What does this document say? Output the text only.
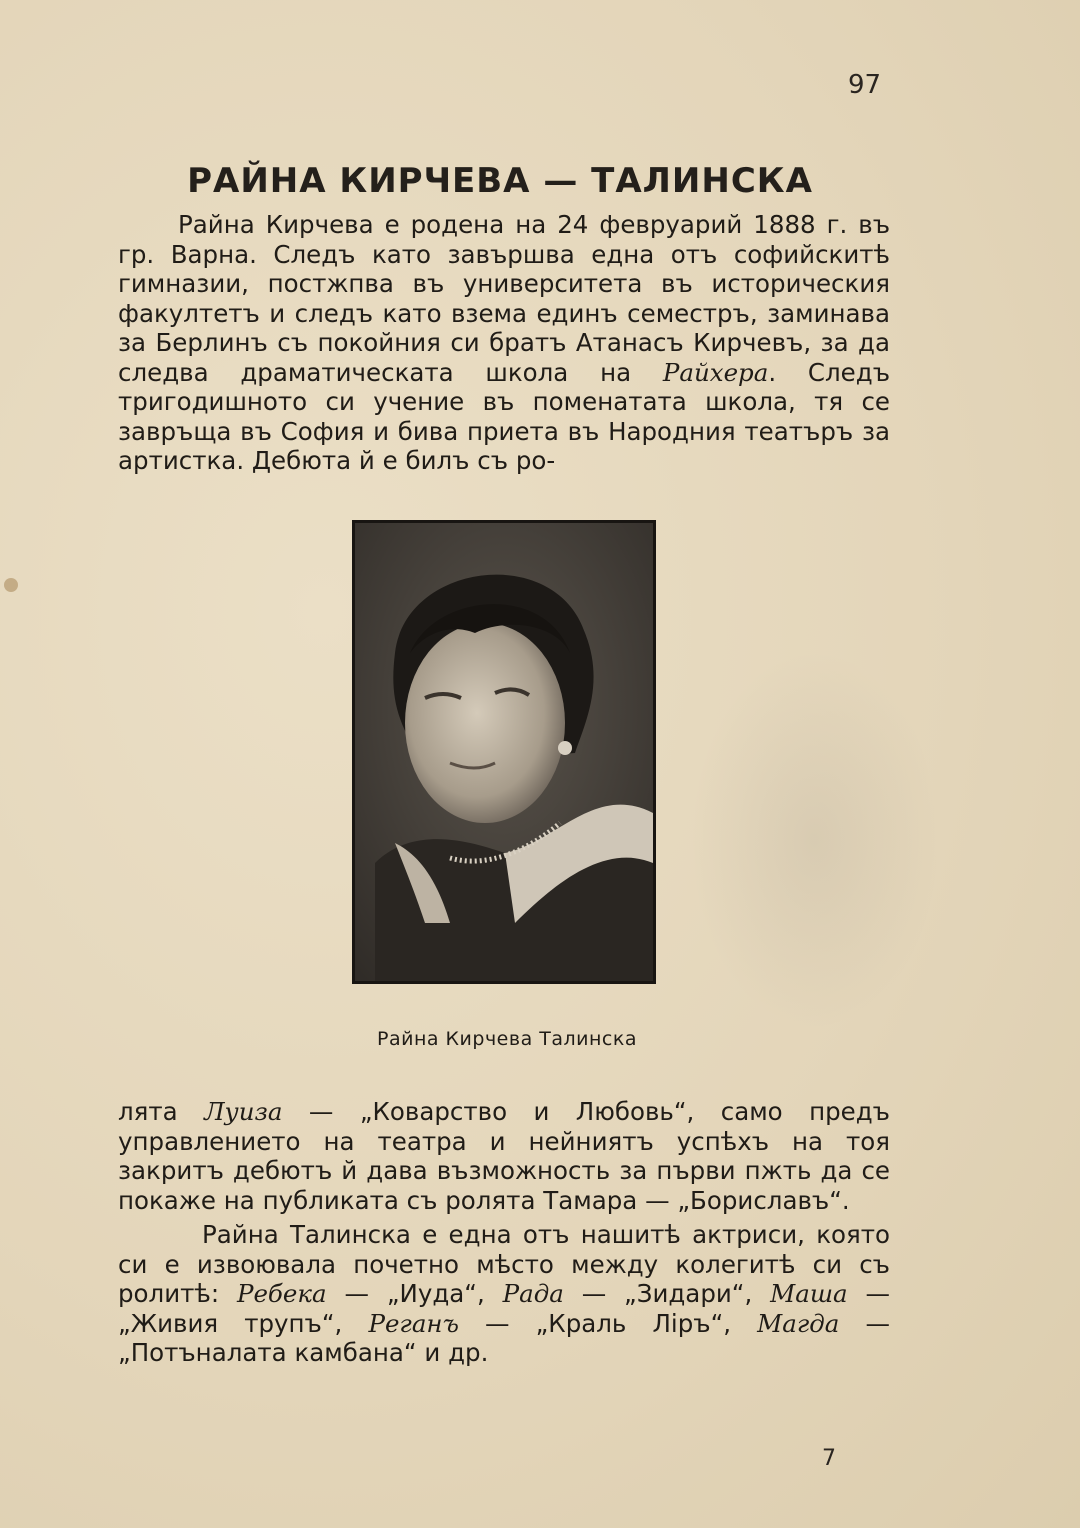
97
РАЙНА КИРЧЕВА — ТАЛИНСКА

Райна Кирчева е родена на 24 февруарий 1888 г. въ гр. Варна. Следъ като завършва една отъ софийскитѣ гимназии, постжпва въ университета въ историческия факултетъ и следъ като взема единъ семестръ, заминава за Берлинъ съ покойния си братъ Атанасъ Кирчевъ, за да следва драматическата школа на Райхера. Следъ тригодишното си учение въ поменатата школа, тя се завръща въ София и бива приета въ Народния театъръ за артистка. Дебюта й е билъ съ ро-

Райна Кирчева Талинска

лята Луиза — „Коварство и Любовь“, само предъ управлението на театра и нейниятъ успѣхъ на тоя закритъ дебютъ й дава възможность за първи пжть да се покаже на публиката съ ролята Тамара — „Бориславъ“.

Райна Талинска е една отъ нашитѣ актриси, която си е извоювала почетно мѣсто между колегитѣ си съ ролитѣ: Ребека — „Иуда“, Рада — „Зидари“, Маша — „Живия трупъ“, Реганъ — „Краль Ліръ“, Магда — „Потъналата камбана“ и др.

7
